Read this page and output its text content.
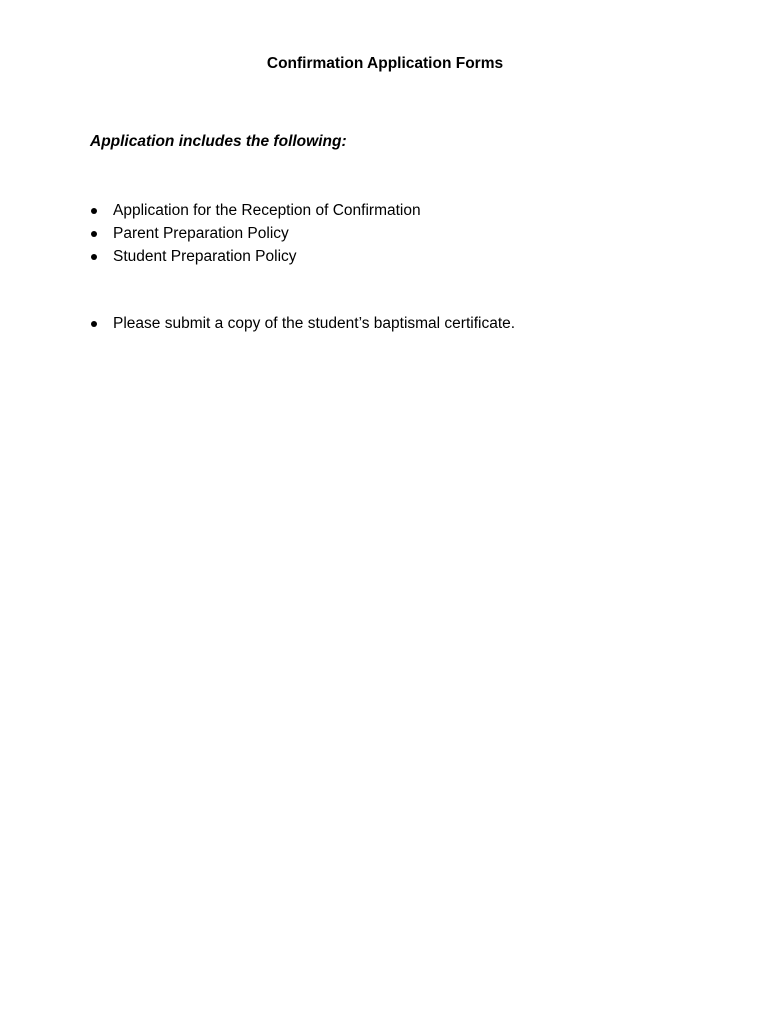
Confirmation Application Forms
Application includes the following:
Application for the Reception of Confirmation
Parent Preparation Policy
Student Preparation Policy
Please submit a copy of the student’s baptismal certificate.
